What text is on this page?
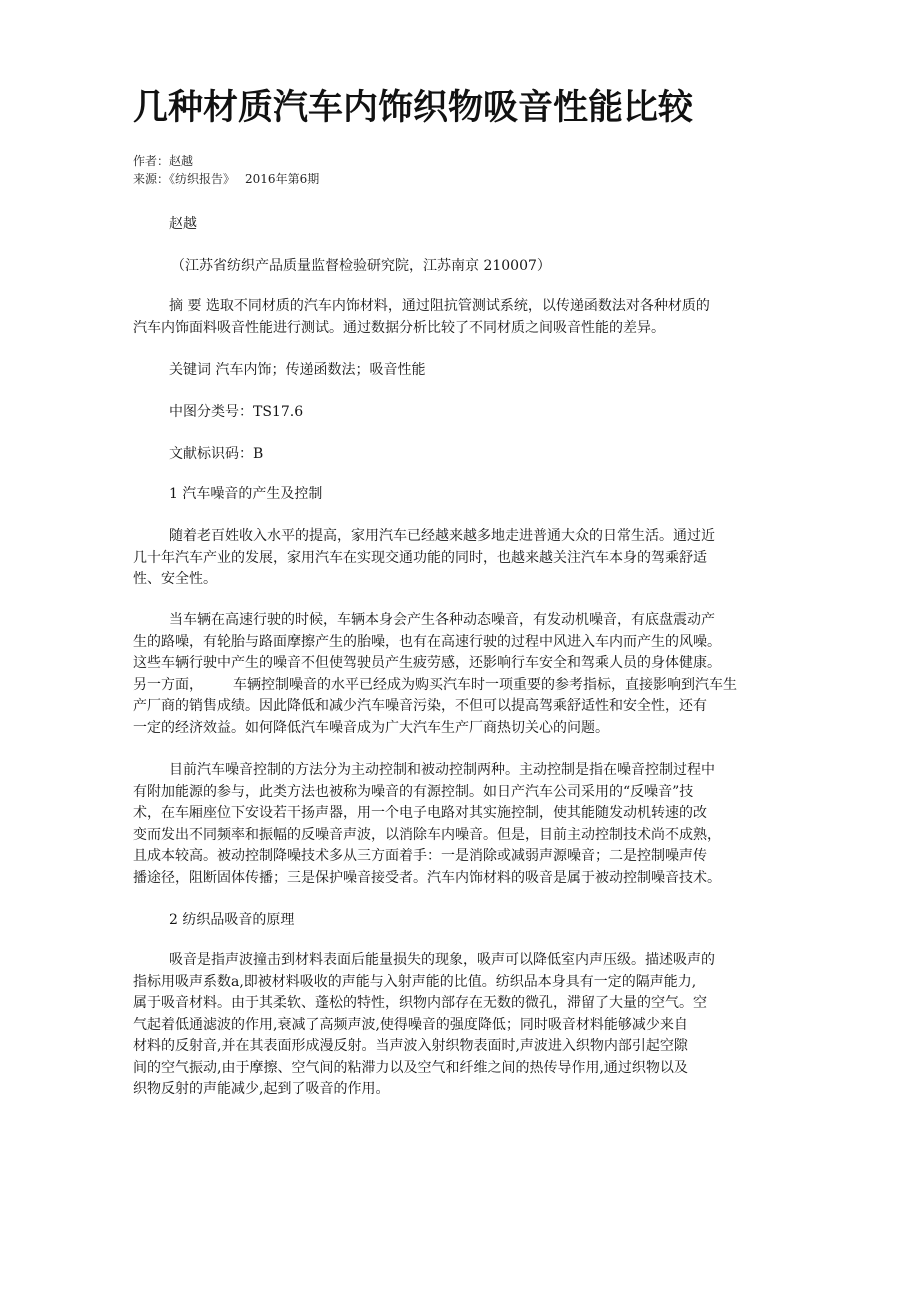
几种材质汽车内饰织物吸音性能比较
作者：赵越
来源：《纺织报告》 2016年第6期

赵越

（江苏省纺织产品质量监督检验研究院，江苏南京 210007）

摘 要 选取不同材质的汽车内饰材料，通过阻抗管测试系统，以传递函数法对各种材质的
汽车内饰面料吸音性能进行测试。通过数据分析比较了不同材质之间吸音性能的差异。

关键词 汽车内饰；传递函数法；吸音性能

中图分类号：TS17.6

文献标识码：B

1 汽车噪音的产生及控制

随着老百姓收入水平的提高，家用汽车已经越来越多地走进普通大众的日常生活。通过近
几十年汽车产业的发展，家用汽车在实现交通功能的同时，也越来越关注汽车本身的驾乘舒适
性、安全性。
当车辆在高速行驶的时候，车辆本身会产生各种动态噪音，有发动机噪音，有底盘震动产
生的路噪，有轮胎与路面摩擦产生的胎噪，也有在高速行驶的过程中风进入车内而产生的风噪。
这些车辆行驶中产生的噪音不但使驾驶员产生疲劳感，还影响行车安全和驾乘人员的身体健康。
另一方面， 车辆控制噪音的水平已经成为购买汽车时一项重要的参考指标，直接影响到汽车生
产厂商的销售成绩。因此降低和减少汽车噪音污染，不但可以提高驾乘舒适性和安全性，还有
一定的经济效益。如何降低汽车噪音成为广大汽车生产厂商热切关心的问题。
目前汽车噪音控制的方法分为主动控制和被动控制两种。主动控制是指在噪音控制过程中
有附加能源的参与，此类方法也被称为噪音的有源控制。如日产汽车公司采用的“反噪音”技
术，在车厢座位下安设若干扬声器，用一个电子电路对其实施控制，使其能随发动机转速的改
变而发出不同频率和振幅的反噪音声波，以消除车内噪音。但是，目前主动控制技术尚不成熟，
且成本较高。被动控制降噪技术多从三方面着手：一是消除或减弱声源噪音；二是控制噪声传
播途径，阻断固体传播；三是保护噪音接受者。汽车内饰材料的吸音是属于被动控制噪音技术。

2 纺织品吸音的原理

吸音是指声波撞击到材料表面后能量损失的现象，吸声可以降低室内声压级。描述吸声的
指标用吸声系数a,即被材料吸收的声能与入射声能的比值。纺织品本身具有一定的隔声能力,
属于吸音材料。由于其柔软、蓬松的特性，织物内部存在无数的微孔，滞留了大量的空气。空
气起着低通滤波的作用,衰减了高频声波,使得噪音的强度降低；同时吸音材料能够减少来自
材料的反射音,并在其表面形成漫反射。当声波入射织物表面时,声波进入织物内部引起空隙
间的空气振动,由于摩擦、空气间的粘滞力以及空气和纤维之间的热传导作用,通过织物以及
织物反射的声能减少,起到了吸音的作用。
